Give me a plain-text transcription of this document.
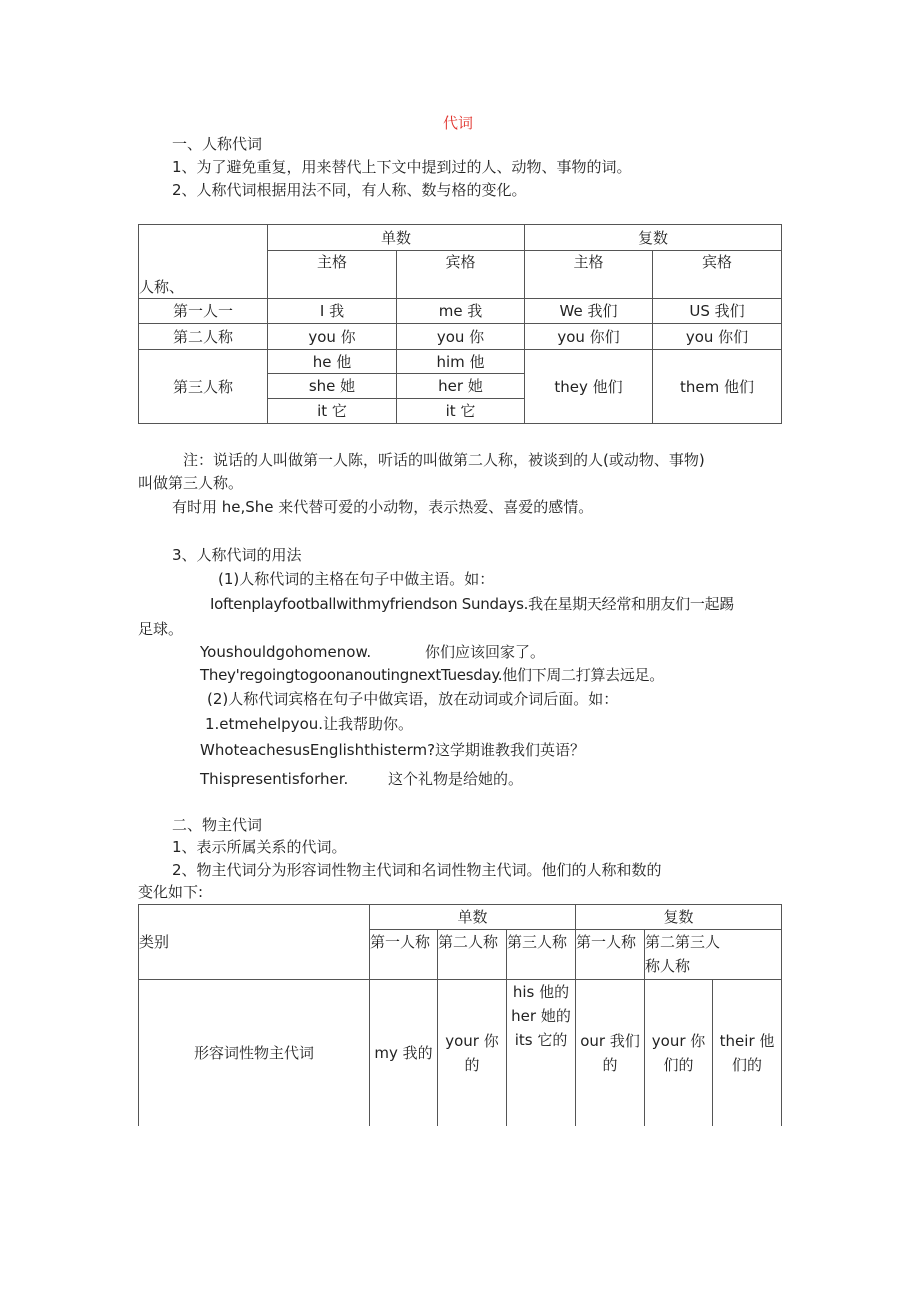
代词
一、人称代词
1、为了避免重复，用来替代上下文中提到过的人、动物、事物的词。
2、人称代词根据用法不同，有人称、数与格的变化。
人称、	单数		复数	
	主格	宾格	主格	宾格
第一人一	I 我	me 我	We 我们	US 我们
第二人称	you 你	you 你	you 你们	you 你们
第三人称	he 他	him 他	they 他们	them 他们
	she 她	her 她		
	it 它	it 它		
注：说话的人叫做第一人陈，听话的叫做第二人称，被谈到的人(或动物、事物)
叫做第三人称。
有时用 he,She 来代替可爱的小动物，表示热爱、喜爱的感情。
3、人称代词的用法
(1)人称代词的主格在句子中做主语。如：
Ioftenplayfootballwithmyfriendson Sundays.我在星期天经常和朋友们一起踢
足球。
Youshouldgohomenow.	你们应该回家了。
They'regoingtogoonanoutingnextTuesday.他们下周二打算去远足。
(2)人称代词宾格在句子中做宾语，放在动词或介词后面。如：
1.etmehelpyou.让我帮助你。
WhoteachesusEnglishthisterm?这学期谁教我们英语？
Thispresentisforher.	这个礼物是给她的。
二、物主代词
1、表示所属关系的代词。
2、物主代词分为形容词性物主代词和名词性物主代词。他们的人称和数的
变化如下:
类别	单数			复数		
	第一人称	第二人称	第三人称	第一人称	第二第三人称人称	
形容词性物主代词	my 我的	your 你的	his 他的 her 她的 its 它的	our 我们的	your 你们的	their 他们的
